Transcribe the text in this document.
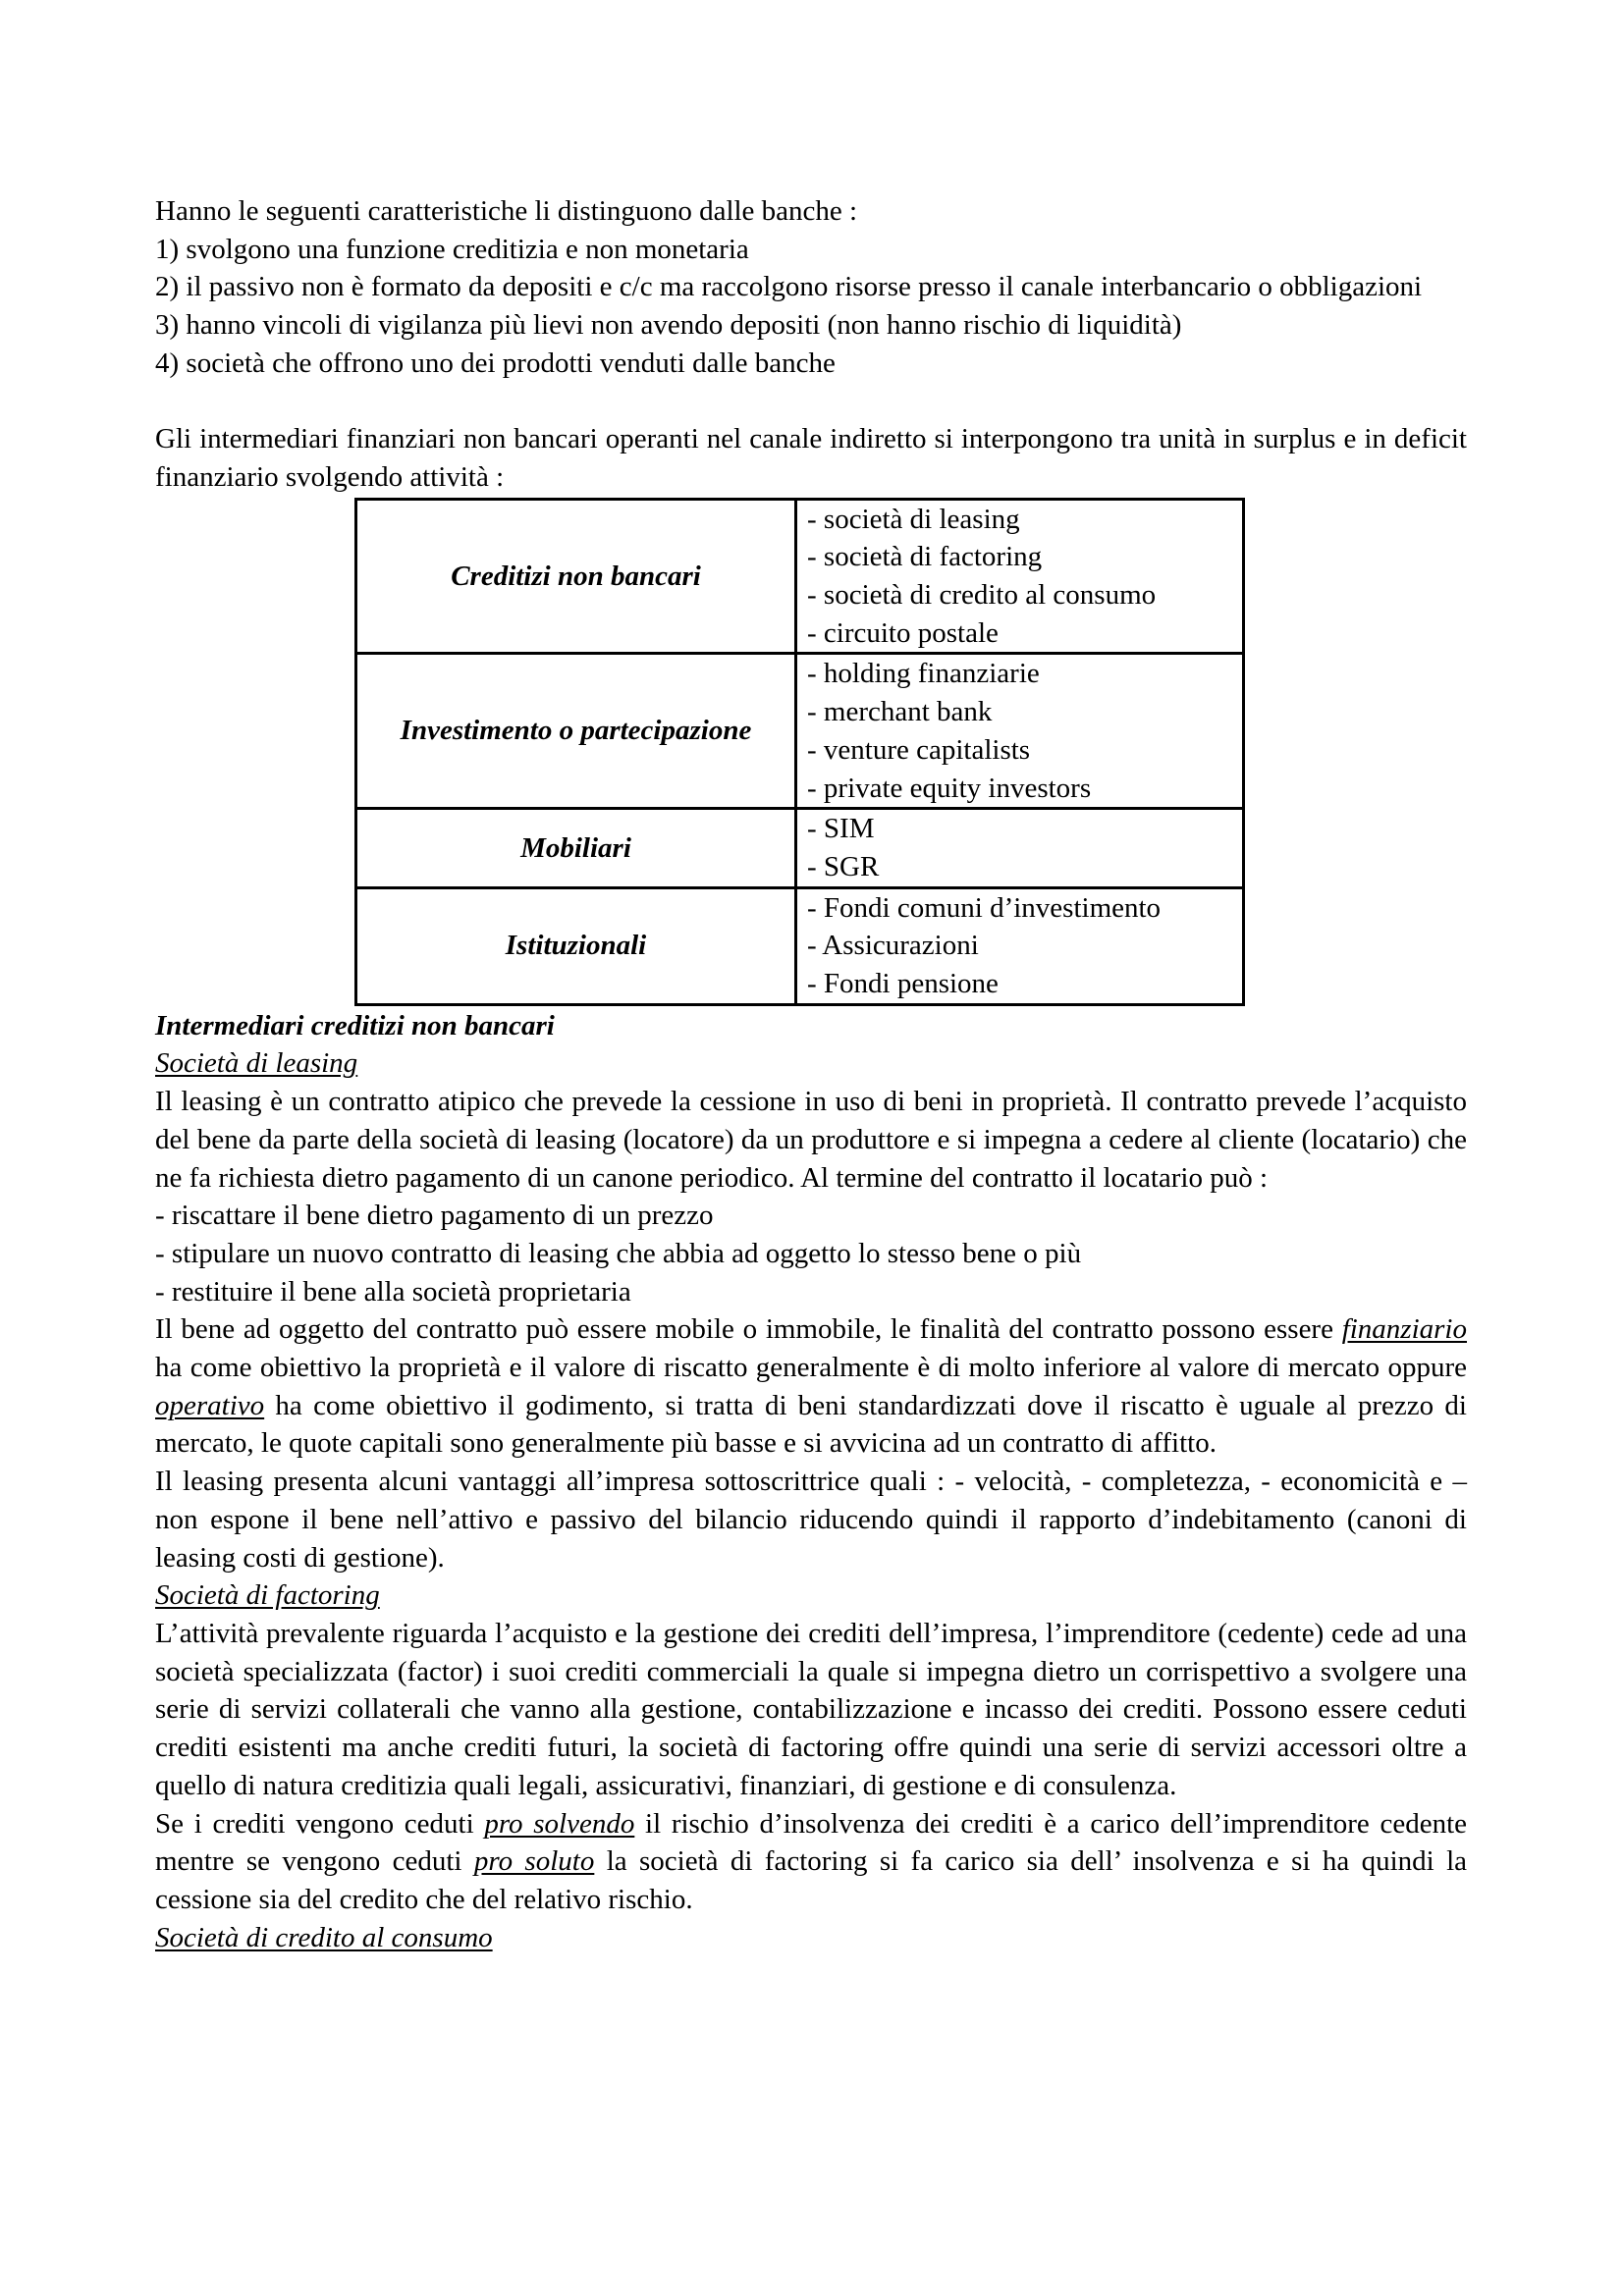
Hanno le seguenti caratteristiche li distinguono dalle banche :

1) svolgono una funzione creditizia e non monetaria

2) il passivo non è formato da depositi e c/c ma raccolgono risorse presso il canale interbancario o obbligazioni

3) hanno vincoli di vigilanza più lievi non avendo depositi (non hanno rischio di liquidità)

4) società che offrono uno dei prodotti venduti dalle banche

Gli intermediari finanziari non bancari operanti nel canale indiretto si interpongono tra unità in surplus e in deficit finanziario svolgendo attività :

Creditizi non bancari	- società di leasing
- società di factoring
- società di credito al consumo
- circuito postale

Investimento o partecipazione	- holding finanziarie
- merchant bank
- venture capitalists
- private equity investors

Mobiliari	- SIM
- SGR

Istituzionali	- Fondi comuni d’investimento
- Assicurazioni
- Fondi pensione

Intermediari creditizi non bancari

Società di leasing

Il leasing è un contratto atipico che prevede la cessione in uso di beni in proprietà. Il contratto prevede l’acquisto del bene da parte della società di leasing (locatore) da un produttore e si impegna a cedere al cliente (locatario) che ne fa richiesta dietro pagamento di un canone periodico. Al termine del contratto il locatario può :

- riscattare il bene dietro pagamento di un prezzo

- stipulare un nuovo contratto di leasing che abbia ad oggetto lo stesso bene o più

- restituire il bene alla società proprietaria

Il bene ad oggetto del contratto può essere mobile o immobile, le finalità del contratto possono essere finanziario ha come obiettivo la proprietà e il valore di riscatto generalmente è di molto inferiore al valore di mercato oppure operativo ha come obiettivo il godimento, si tratta di beni standardizzati dove il riscatto è uguale al prezzo di mercato, le quote capitali sono generalmente più basse e si avvicina ad un contratto di affitto.

Il leasing presenta alcuni vantaggi all’impresa sottoscrittrice quali : - velocità, - completezza, - economicità e – non espone il bene nell’attivo e passivo del bilancio riducendo quindi il rapporto d’indebitamento (canoni di leasing costi di gestione).

Società di factoring

L’attività prevalente riguarda l’acquisto e la gestione dei crediti dell’impresa, l’imprenditore (cedente) cede ad una società specializzata (factor) i suoi crediti commerciali la quale si impegna dietro un corrispettivo a svolgere una serie di servizi collaterali che vanno alla gestione, contabilizzazione e incasso dei crediti. Possono essere ceduti crediti esistenti ma anche crediti futuri, la società di factoring offre quindi una serie di servizi accessori oltre a quello di natura creditizia quali legali, assicurativi, finanziari, di gestione e di consulenza.

Se i crediti vengono ceduti pro solvendo il rischio d’insolvenza dei crediti è a carico dell’imprenditore cedente mentre se vengono ceduti pro soluto la società di factoring si fa carico sia dell’ insolvenza e si ha quindi la cessione sia del credito che del relativo rischio.

Società di credito al consumo
